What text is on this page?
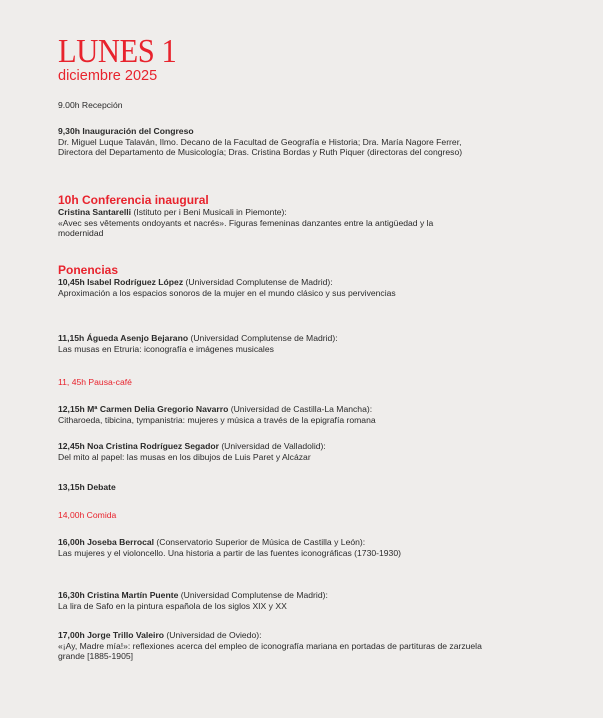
LUNES 1
diciembre 2025
9.00h Recepción
9,30h Inauguración del Congreso
Dr. Miguel Luque Talaván, Ilmo. Decano de la Facultad de Geografía e Historia; Dra. María Nagore Ferrer, Directora del Departamento de Musicología; Dras. Cristina Bordas y Ruth Piquer (directoras del congreso)
10h Conferencia inaugural
Cristina Santarelli (Istituto per i Beni Musicali in Piemonte):
«Avec ses vêtements ondoyants et nacrés». Figuras femeninas danzantes entre la antigüedad y la modernidad
Ponencias
10,45h Isabel Rodríguez López (Universidad Complutense de Madrid):
Aproximación a los espacios sonoros de la mujer en el mundo clásico y sus pervivencias
11,15h Águeda Asenjo Bejarano (Universidad Complutense de Madrid):
Las musas en Etruria: iconografía e imágenes musicales
11, 45h Pausa-café
12,15h Mª Carmen Delia Gregorio Navarro (Universidad de Castilla-La Mancha):
Citharoeda, tibicina, tympanistria: mujeres y música a través de la epigrafía romana
12,45h Noa Cristina Rodríguez Segador (Universidad de Valladolid):
Del mito al papel: las musas en los dibujos de Luis Paret y Alcázar
13,15h Debate
14,00h Comida
16,00h Joseba Berrocal (Conservatorio Superior de Música de Castilla y León):
Las mujeres y el violoncello. Una historia a partir de las fuentes iconográficas (1730-1930)
16,30h Cristina Martín Puente (Universidad Complutense de Madrid):
La lira de Safo en la pintura española de los siglos XIX y XX
17,00h Jorge Trillo Valeiro (Universidad de Oviedo):
«¡Ay, Madre mía!»: reflexiones acerca del empleo de iconografía mariana en portadas de partituras de zarzuela grande [1885-1905]
